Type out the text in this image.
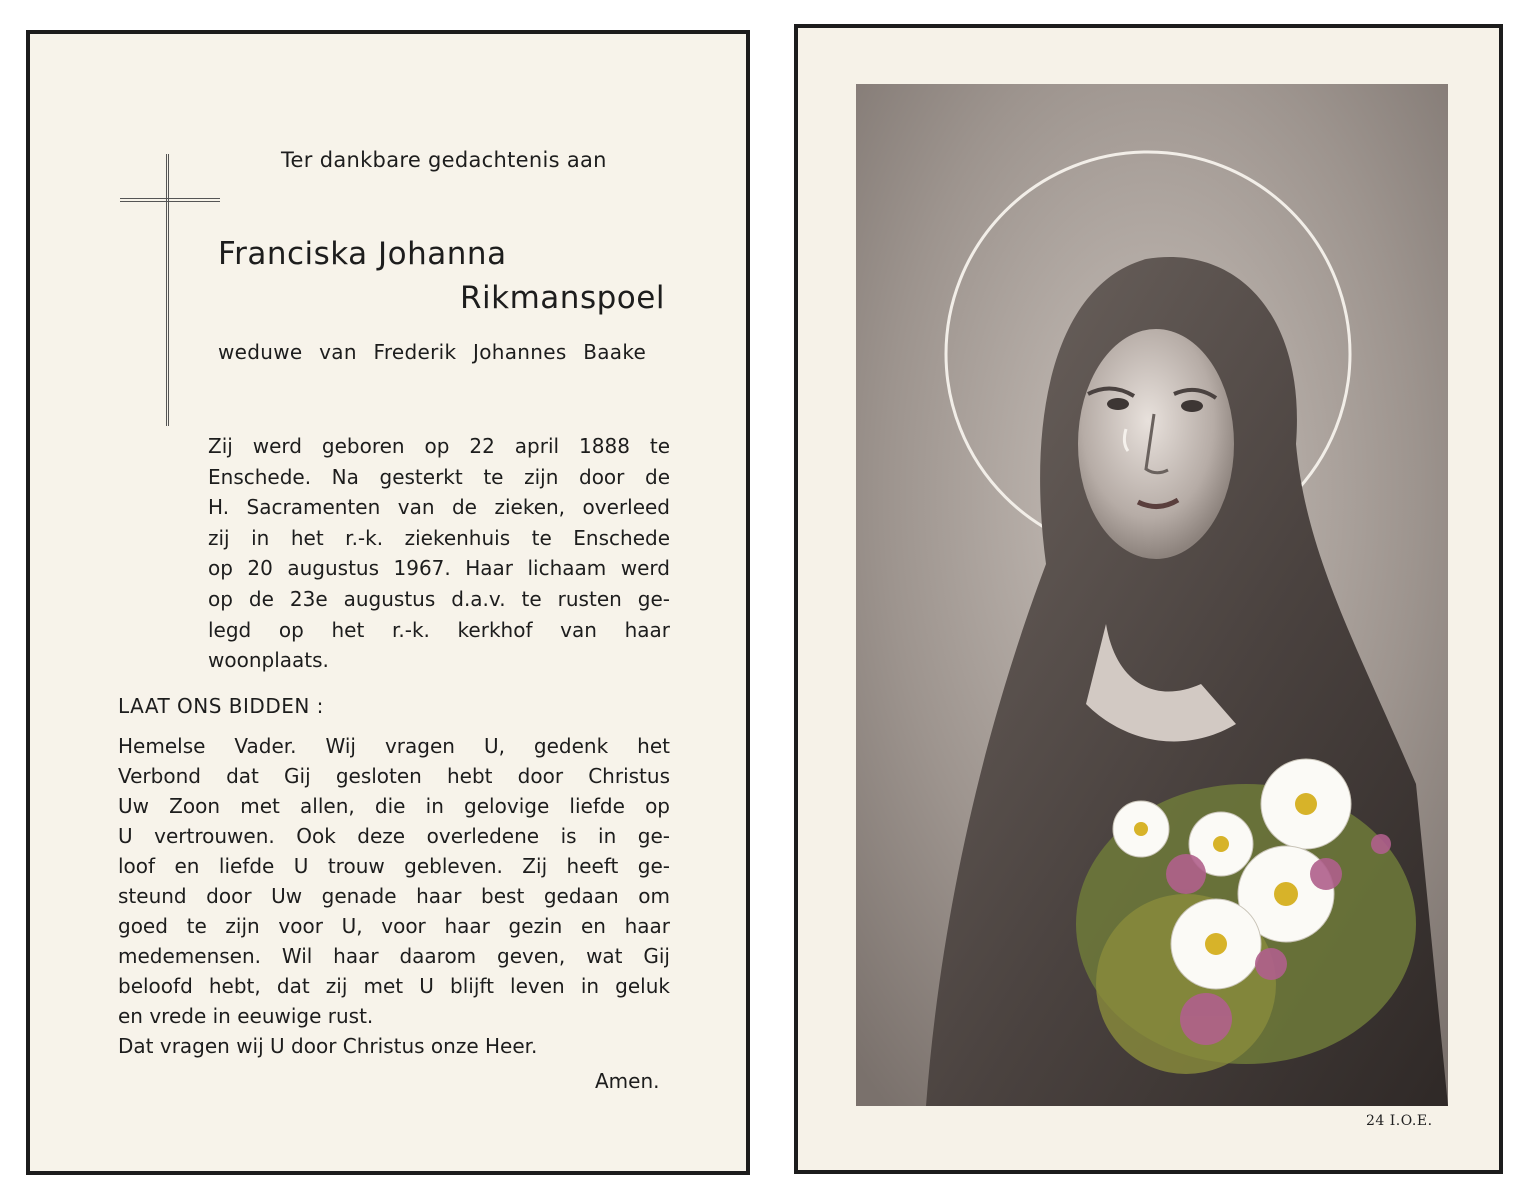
Ter dankbare gedachtenis aan
Franciska Johanna
Rikmanspoel
weduwe van Frederik Johannes Baake
Zij werd geboren op 22 april 1888 te
Enschede. Na gesterkt te zijn door de
H. Sacramenten van de zieken, overleed
zij in het r.-k. ziekenhuis te Enschede
op 20 augustus 1967. Haar lichaam werd
op de 23e augustus d.a.v. te rusten ge-
legd op het r.-k. kerkhof van haar
woonplaats.
LAAT ONS BIDDEN :
Hemelse Vader. Wij vragen U, gedenk het
Verbond dat Gij gesloten hebt door Christus
Uw Zoon met allen, die in gelovige liefde op
U vertrouwen. Ook deze overledene is in ge-
loof en liefde U trouw gebleven. Zij heeft ge-
steund door Uw genade haar best gedaan om
goed te zijn voor U, voor haar gezin en haar
medemensen. Wil haar daarom geven, wat Gij
beloofd hebt, dat zij met U blijft leven in geluk
en vrede in eeuwige rust.
Dat vragen wij U door Christus onze Heer.
Amen.
24 I.O.E.
